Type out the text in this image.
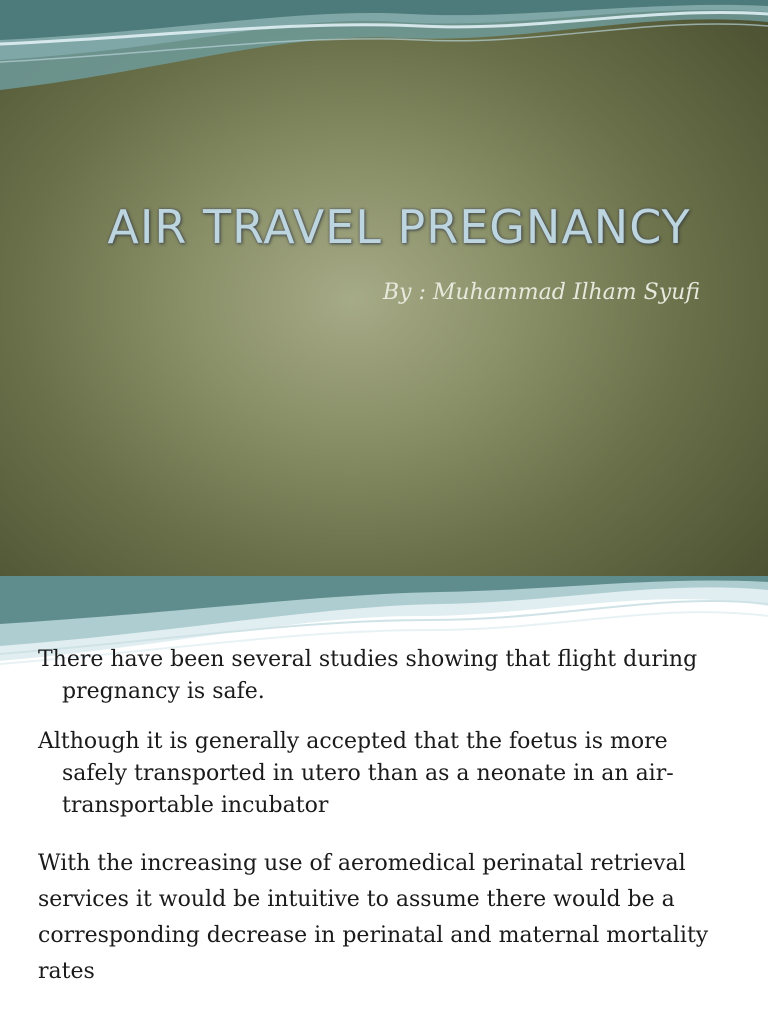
AIR TRAVEL PREGNANCY
By : Muhammad Ilham Syufi

There have been several studies showing that flight during pregnancy is safe.

Although it is generally accepted that the foetus is more safely transported in utero than as a neonate in an air-transportable incubator

With the increasing use of aeromedical perinatal retrieval services it would be intuitive to assume there would be a corresponding decrease in perinatal and maternal mortality rates
